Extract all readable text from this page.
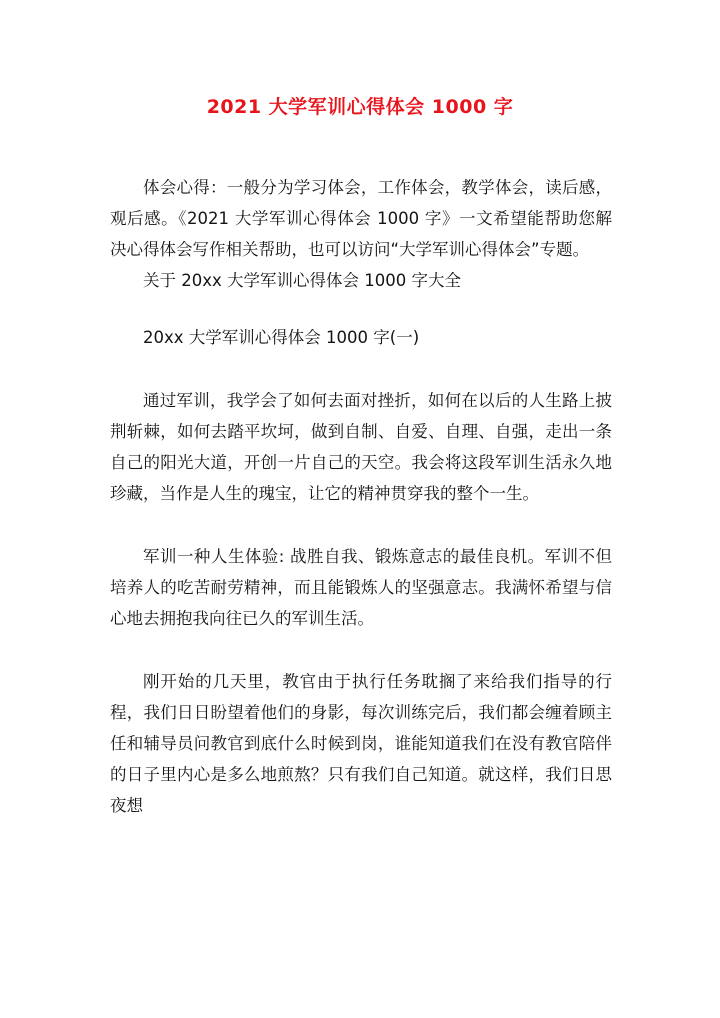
2021 大学军训心得体会 1000 字

体会心得：一般分为学习体会，工作体会，教学体会，读后感，观后感。《2021 大学军训心得体会 1000 字》一文希望能帮助您解决心得体会写作相关帮助，也可以访问“大学军训心得体会”专题。

关于 20xx 大学军训心得体会 1000 字大全

20xx 大学军训心得体会 1000 字(一)

通过军训，我学会了如何去面对挫折，如何在以后的人生路上披荆斩棘，如何去踏平坎坷，做到自制、自爱、自理、自强，走出一条自己的阳光大道，开创一片自己的天空。我会将这段军训生活永久地珍藏，当作是人生的瑰宝，让它的精神贯穿我的整个一生。

军训一种人生体验: 战胜自我、锻炼意志的最佳良机。军训不但培养人的吃苦耐劳精神，而且能锻炼人的坚强意志。我满怀希望与信心地去拥抱我向往已久的军训生活。

刚开始的几天里，教官由于执行任务耽搁了来给我们指导的行程，我们日日盼望着他们的身影，每次训练完后，我们都会缠着顾主任和辅导员问教官到底什么时候到岗，谁能知道我们在没有教官陪伴的日子里内心是多么地煎熬？只有我们自己知道。就这样，我们日思夜想
